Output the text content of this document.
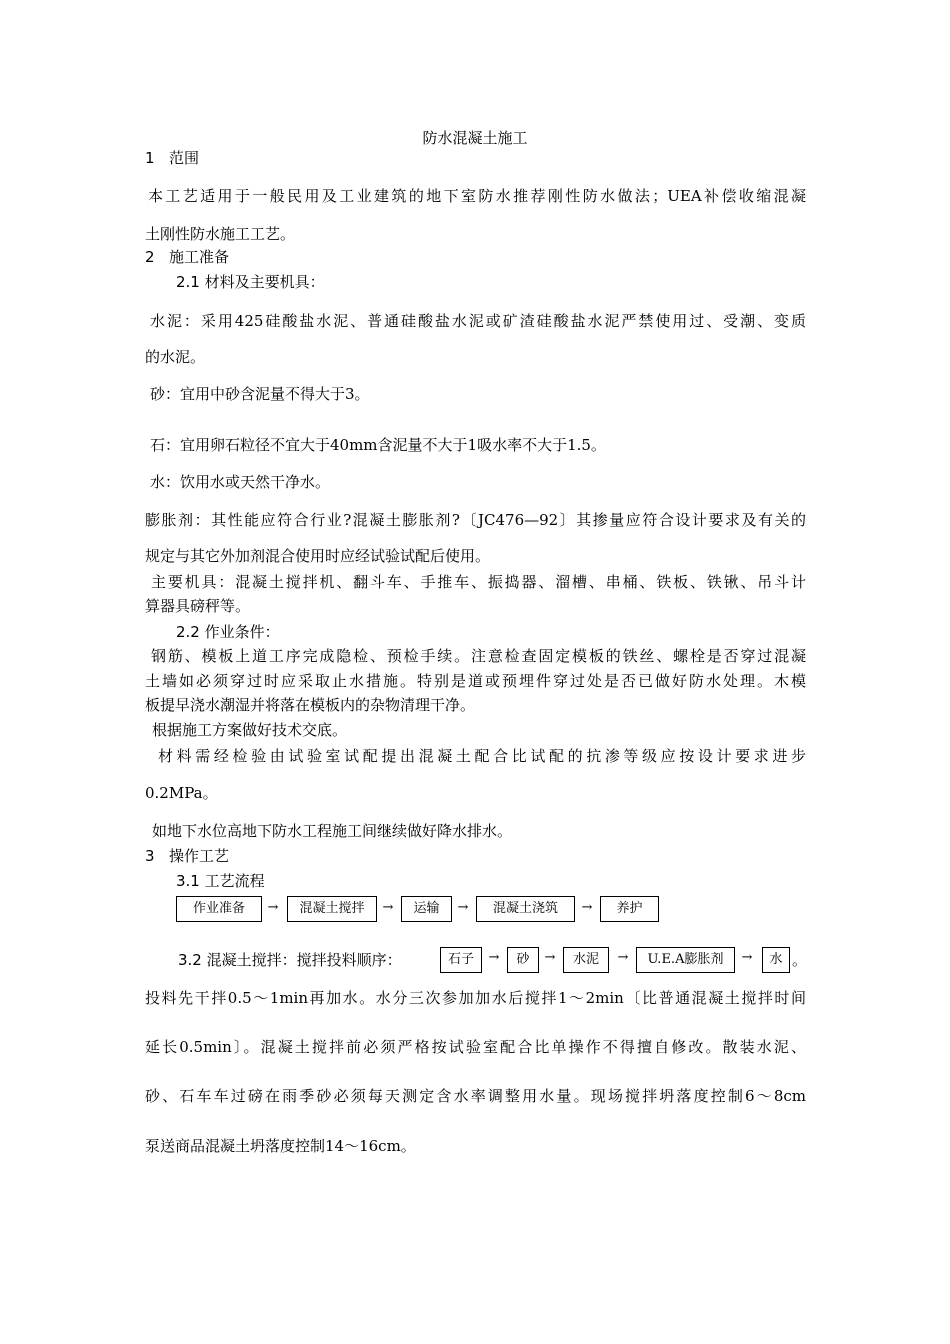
防水混凝土施工
1 范围
本工艺适用于一般民用及工业建筑的地下室防水推荐刚性防水做法；UEA补偿收缩混凝
土刚性防水施工工艺。
2 施工准备
2.1 材料及主要机具：
水泥：采用425硅酸盐水泥、普通硅酸盐水泥或矿渣硅酸盐水泥严禁使用过、受潮、变质
的水泥。
砂：宜用中砂含泥量不得大于3。
石：宜用卵石粒径不宜大于40mm含泥量不大于1吸水率不大于1.5。
水：饮用水或天然干净水。
膨胀剂：其性能应符合行业?混凝土膨胀剂?〔JC476—92〕其掺量应符合设计要求及有关的
规定与其它外加剂混合使用时应经试验试配后使用。
主要机具：混凝土搅拌机、翻斗车、手推车、振捣器、溜槽、串桶、铁板、铁锹、吊斗计
算器具磅秤等。
2.2 作业条件：
钢筋、模板上道工序完成隐检、预检手续。注意检查固定模板的铁丝、螺栓是否穿过混凝
土墙如必须穿过时应采取止水措施。特别是道或预埋件穿过处是否已做好防水处理。木模
板提早浇水潮湿并将落在模板内的杂物清理干净。
根据施工方案做好技术交底。
材料需经检验由试验室试配提出混凝土配合比试配的抗渗等级应按设计要求进步
0.2MPa。
如地下水位高地下防水工程施工间继续做好降水排水。
3 操作工艺
3.1 工艺流程
作业准备	→	混凝土搅拌	→	运输	→	混凝土浇筑	→	养护
3.2 混凝土搅拌：搅拌投料顺序：	石子	→	砂	→	水泥	→	U.E.A膨胀剂	→	水 。
投料先干拌0.5～1min再加水。水分三次参加加水后搅拌1～2min〔比普通混凝土搅拌时间
延长0.5min〕。混凝土搅拌前必须严格按试验室配合比单操作不得擅自修改。散装水泥、
砂、石车车过磅在雨季砂必须每天测定含水率调整用水量。现场搅拌坍落度控制6～8cm
泵送商品混凝土坍落度控制14～16cm。
